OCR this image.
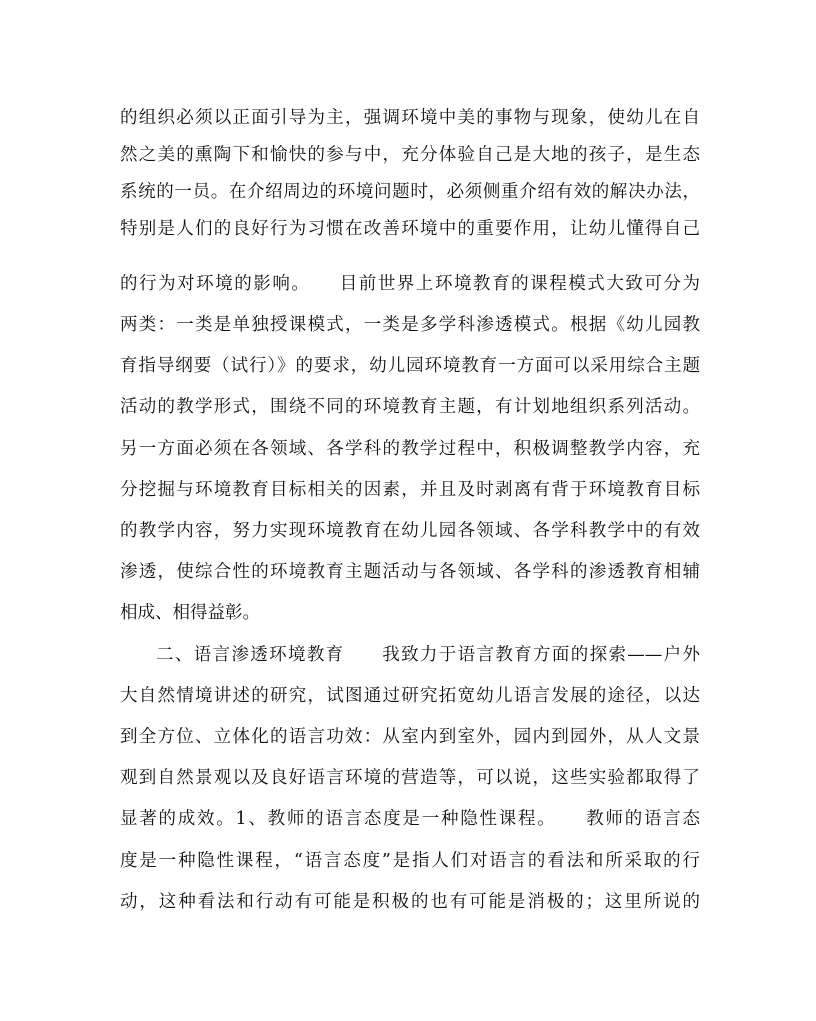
的组织必须以正面引导为主，强调环境中美的事物与现象，使幼儿在自
然之美的熏陶下和愉快的参与中，充分体验自己是大地的孩子，是生态
系统的一员。在介绍周边的环境问题时，必须侧重介绍有效的解决办法，
特别是人们的良好行为习惯在改善环境中的重要作用，让幼儿懂得自己
的行为对环境的影响。　　目前世界上环境教育的课程模式大致可分为
两类：一类是单独授课模式，一类是多学科渗透模式。根据《幼儿园教
育指导纲要（试行）》的要求，幼儿园环境教育一方面可以采用综合主题
活动的教学形式，围绕不同的环境教育主题，有计划地组织系列活动。
另一方面必须在各领域、各学科的教学过程中，积极调整教学内容，充
分挖掘与环境教育目标相关的因素，并且及时剥离有背于环境教育目标
的教学内容，努力实现环境教育在幼儿园各领域、各学科教学中的有效
渗透，使综合性的环境教育主题活动与各领域、各学科的渗透教育相辅
相成、相得益彰。
二、语言渗透环境教育　　我致力于语言教育方面的探索——户外
大自然情境讲述的研究，试图通过研究拓宽幼儿语言发展的途径，以达
到全方位、立体化的语言功效：从室内到室外，园内到园外，从人文景
观到自然景观以及良好语言环境的营造等，可以说，这些实验都取得了
显著的成效。1、教师的语言态度是一种隐性课程。　　教师的语言态
度是一种隐性课程，“语言态度”是指人们对语言的看法和所采取的行
动，这种看法和行动有可能是积极的也有可能是消极的；这里所说的
